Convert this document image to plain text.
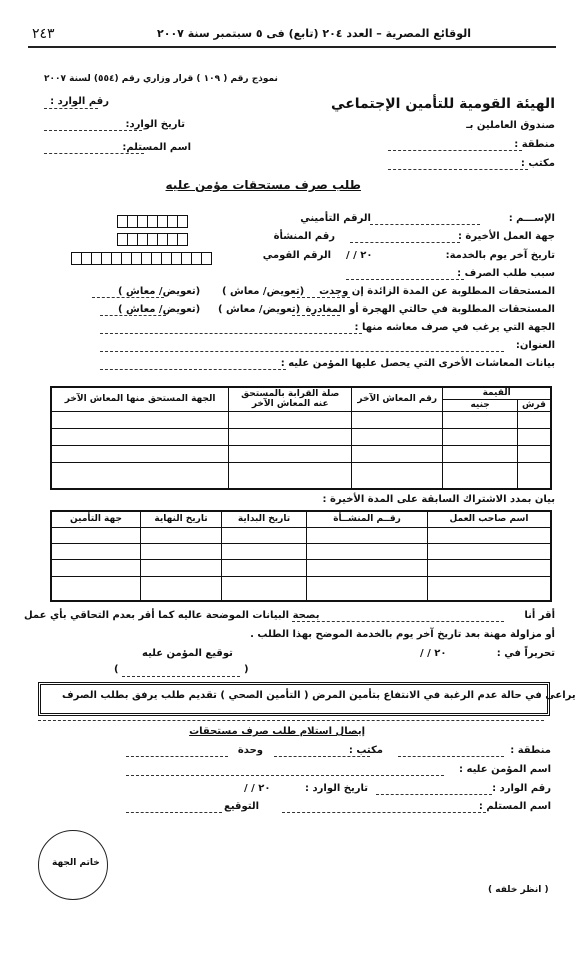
٢٤٣	الوقائع المصرية – العدد ٢٠٤ (تابع) فى ٥ سبتمبر سنة ٢٠٠٧
نموذج رقم ( ١٠٩ ) قرار وزاري رقم (٥٥٤) لسنة ٢٠٠٧
رقم الوارد :
تاريخ الوارد:
اسم المستلم:
الهيئة القومية للتأمين الإجتماعي
صندوق العاملين بـ
منطقة :
مكتب :
طلب صرف مستحقات مؤمن عليه
الإســـم :
الرقم التأميني
جهة العمل الأخيرة :
رقم المنشأة
تاريخ آخر يوم بالخدمة:
/ / ٢٠
الرقم القومي
سبب طلب الصرف :
المستحقات المطلوبة عن المدة الزائدة إن وجدت
(تعويض/ معاش )
(تعويض/ معاش )
المستحقات المطلوبة في حالتي الهجرة أو المغادرة
(تعويض/ معاش )
(تعويض/ معاش )
الجهة التي يرغب في صرف معاشه منها :
العنوان:
بيانات المعاشات الأخرى التي يحصل عليها المؤمن عليه :
القيمة		رقم المعاش الآخر	صلة القرابة بالمستحق عنه المعاش الآخر	الجهة المستحق منها المعاش الآخر
قرش	جنيه			

بيان بمدد الاشتراك السابقة على المدة الأخيرة :
اسم صاحب العمل	رقــم المنشــأة	تاريخ البداية	تاريخ النهاية	جهة التأمين

أقر أنا
بصحة البيانات الموضحة عاليه كما أقر بعدم التحاقي بأي عمل
أو مزاولة مهنة بعد تاريخ آخر يوم بالخدمة الموضح بهذا الطلب .
تحريراً في :
/ / ٢٠
توقيع المؤمن عليه
(
)
يراعى في حالة عدم الرغبة في الانتفاع بتأمين المرض ( التأمين الصحي ) تقديم طلب يرفق بطلب الصرف
إيصال استلام طلب صرف مستحقات
منطقة :
مكتب :
وحدة
اسم المؤمن عليه :
رقم الوارد :
تاريخ الوارد :
/ / ٢٠
اسم المستلم :
التوقيع
خاتم الجهة
( انظر خلفه )
